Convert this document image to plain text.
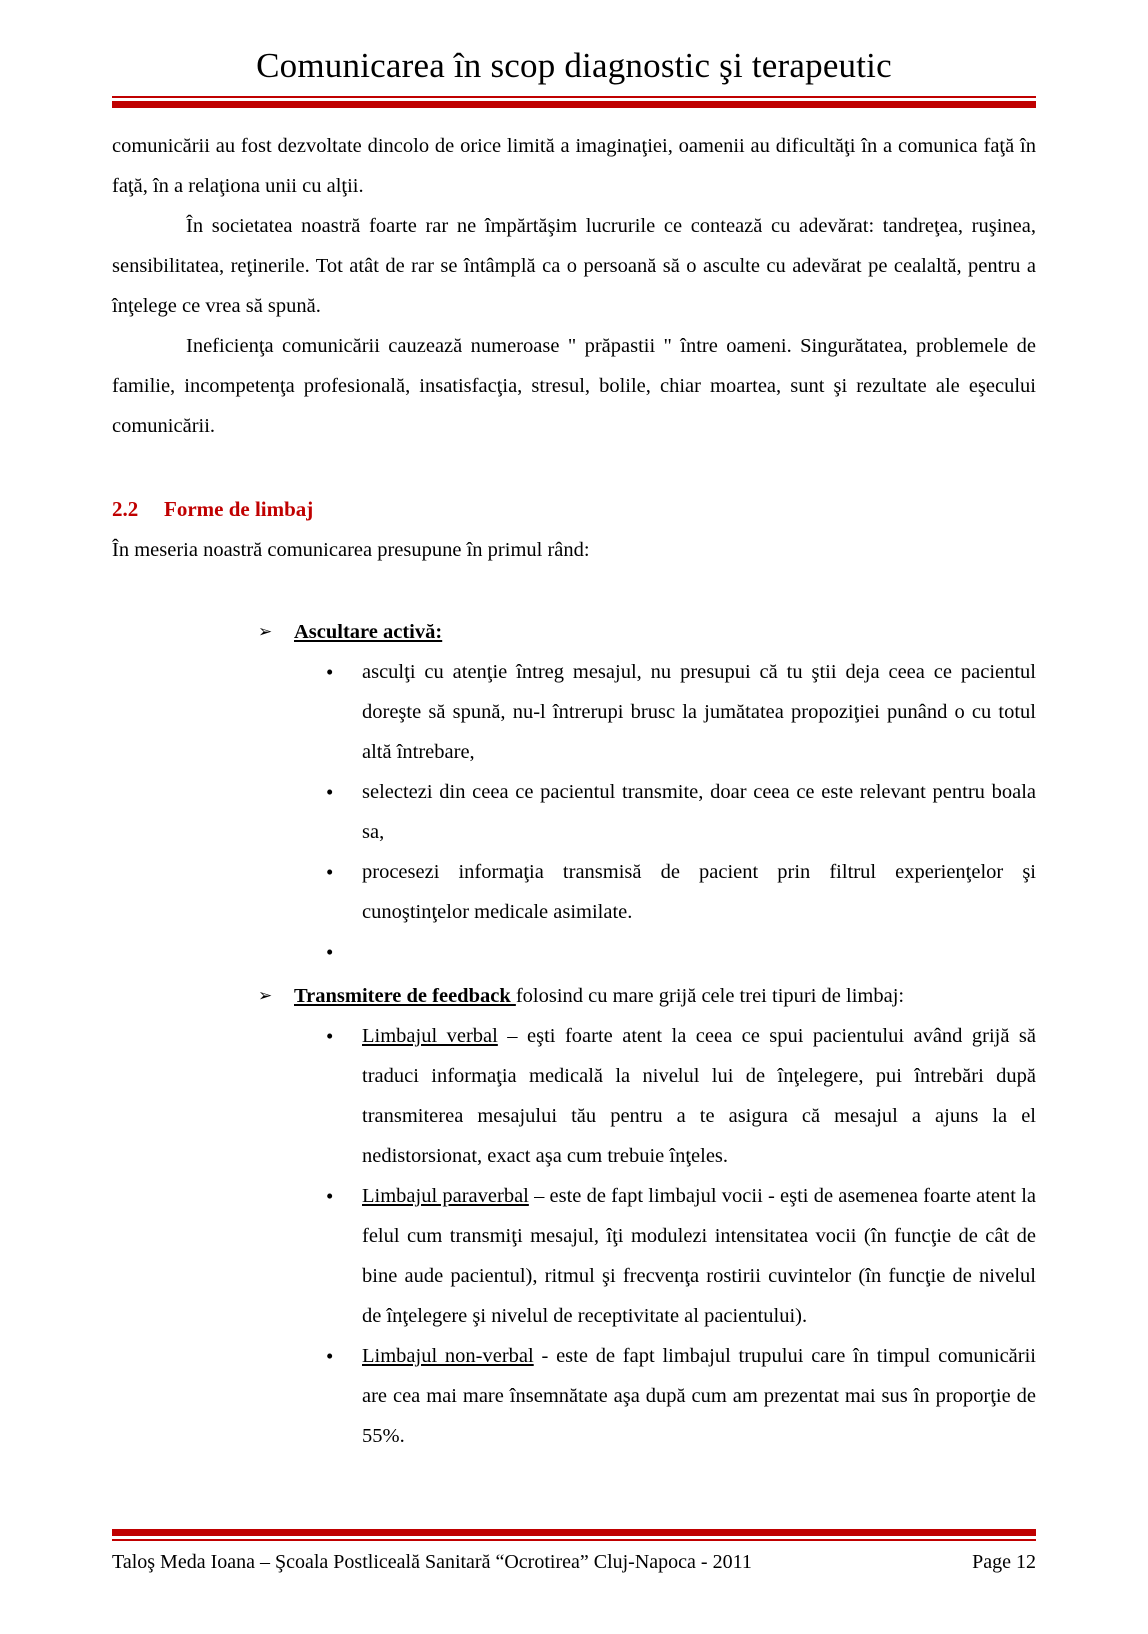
Comunicarea în scop diagnostic şi terapeutic

comunicării au fost dezvoltate dincolo de orice limită a imaginaţiei, oamenii au dificultăţi în a comunica faţă în faţă, în a relaţiona unii cu alţii.

În societatea noastră foarte rar ne împărtăşim lucrurile ce contează cu adevărat: tandreţea, ruşinea, sensibilitatea, reţinerile. Tot atât de rar se întâmplă ca o persoană să o asculte cu adevărat pe cealaltă, pentru a înţelege ce vrea să spună.

Ineficienţa comunicării cauzează numeroase " prăpastii " între oameni. Singurătatea, problemele de familie, incompetenţa profesională, insatisfacţia, stresul, bolile, chiar moartea, sunt şi rezultate ale eşecului comunicării.

2.2 Forme de limbaj

În meseria noastră comunicarea presupune în primul rând:

➢ Ascultare activă:
• asculţi cu atenţie întreg mesajul, nu presupui că tu ştii deja ceea ce pacientul doreşte să spună, nu-l întrerupi brusc la jumătatea propoziţiei punând o cu totul altă întrebare,
• selectezi din ceea ce pacientul transmite, doar ceea ce este relevant pentru boala sa,
• procesezi informaţia transmisă de pacient prin filtrul experienţelor şi cunoştinţelor medicale asimilate.
•
➢ Transmitere de feedback folosind cu mare grijă cele trei tipuri de limbaj:
• Limbajul verbal – eşti foarte atent la ceea ce spui pacientului având grijă să traduci informaţia medicală la nivelul lui de înţelegere, pui întrebări după transmiterea mesajului tău pentru a te asigura că mesajul a ajuns la el nedistorsionat, exact aşa cum trebuie înţeles.
• Limbajul paraverbal – este de fapt limbajul vocii - eşti de asemenea foarte atent la felul cum transmiţi mesajul, îţi modulezi intensitatea vocii (în funcţie de cât de bine aude pacientul), ritmul şi frecvenţa rostirii cuvintelor (în funcţie de nivelul de înţelegere şi nivelul de receptivitate al pacientului).
• Limbajul non-verbal - este de fapt limbajul trupului care în timpul comunicării are cea mai mare însemnătate aşa după cum am prezentat mai sus în proporţie de 55%.
Taloş Meda Ioana – Şcoala Postliceală Sanitară “Ocrotirea” Cluj-Napoca - 2011	Page 12
